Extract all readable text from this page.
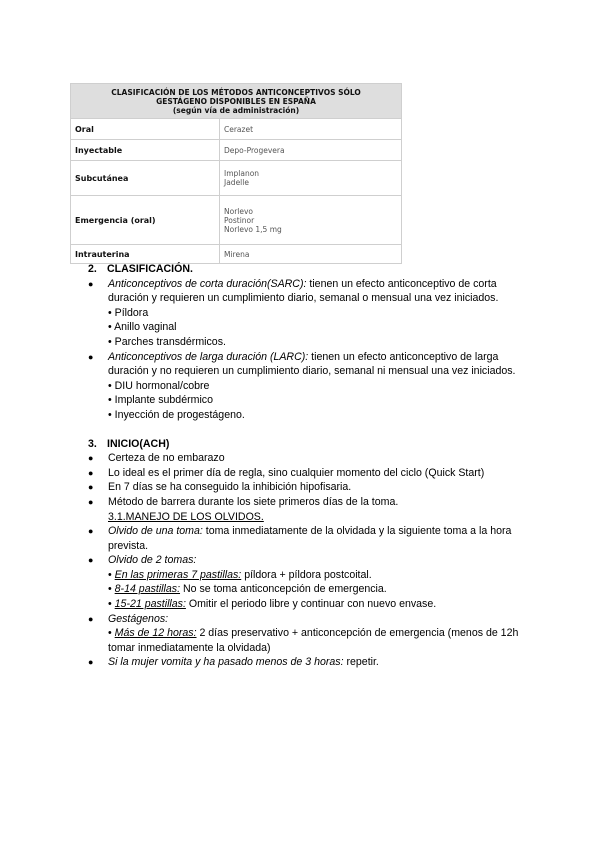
CLASIFICACIÓN DE LOS MÉTODOS ANTICONCEPTIVOS SÓLO
GESTÁGENO DISPONIBLES EN ESPAÑA
(según vía de administración)	

Oral	Cerazet

Inyectable	Depo-Progevera

Subcutánea	Implanon
Jadelle

Emergencia (oral)	Norlevo
Postinor
Norlevo 1,5 mg

Intrauterina	Mirena

2. CLASIFICACIÓN.

● Anticonceptivos de corta duración(SARC): tienen un efecto anticonceptivo de corta duración y requieren un cumplimiento diario, semanal o mensual una vez iniciados.
• Píldora
• Anillo vaginal
• Parches transdérmicos.
● Anticonceptivos de larga duración (LARC): tienen un efecto anticonceptivo de larga duración y no requieren un cumplimiento diario, semanal ni mensual una vez iniciados.
• DIU hormonal/cobre
• Implante subdérmico
• Inyección de progestágeno.

3. INICIO(ACH)

● Certeza de no embarazo
● Lo ideal es el primer día de regla, sino cualquier momento del ciclo (Quick Start)
● En 7 días se ha conseguido la inhibición hipofisaria.
● Método de barrera durante los siete primeros días de la toma.
3.1.MANEJO DE LOS OLVIDOS.
● Olvido de una toma: toma inmediatamente de la olvidada y la siguiente toma a la hora prevista.
● Olvido de 2 tomas:
• En las primeras 7 pastillas: píldora + píldora postcoital.
• 8-14 pastillas: No se toma anticoncepción de emergencia.
• 15-21 pastillas: Omitir el periodo libre y continuar con nuevo envase.
● Gestágenos:
• Más de 12 horas: 2 días preservativo + anticoncepción de emergencia (menos de 12h tomar inmediatamente la olvidada)
● Si la mujer vomita y ha pasado menos de 3 horas: repetir.
